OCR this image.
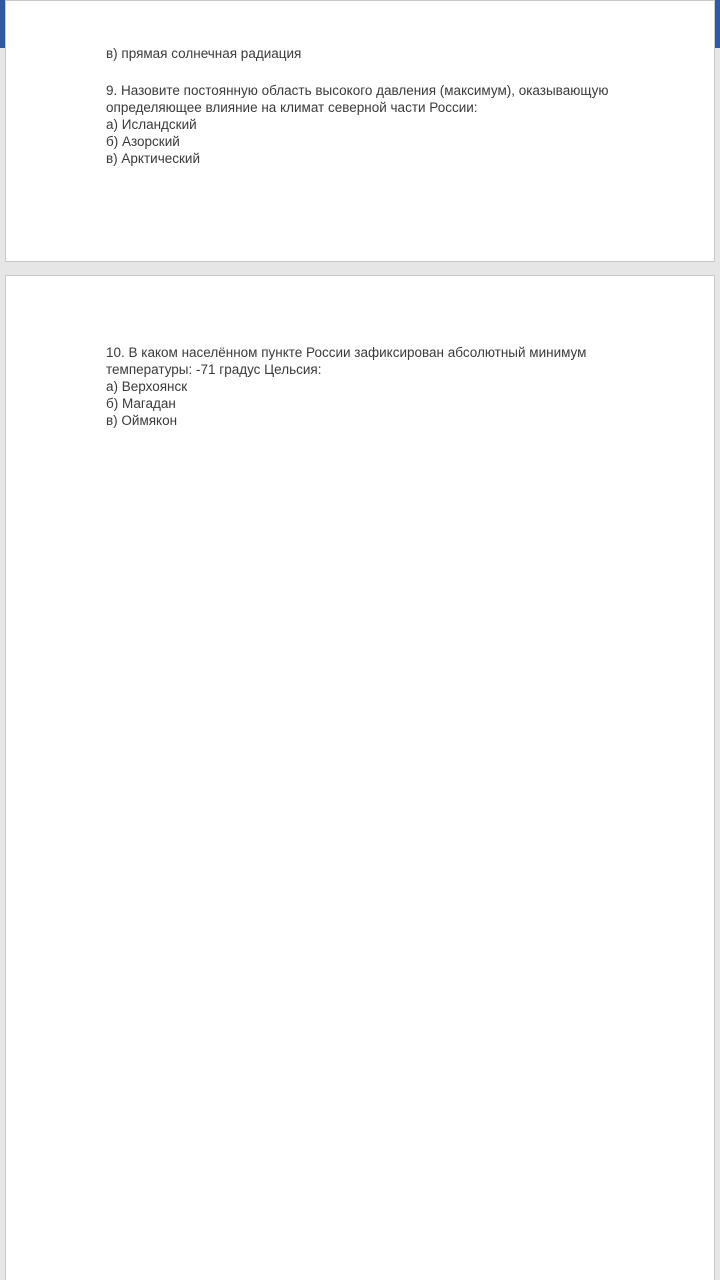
в) прямая солнечная радиация
9. Назовите постоянную область высокого давления (максимум), оказывающую
определяющее влияние на климат северной части России:
а) Исландский
б) Азорский
в) Арктический
10. В каком населённом пункте России зафиксирован абсолютный минимум
температуры: -71 градус Цельсия:
а) Верхоянск
б) Магадан
в) Оймякон
